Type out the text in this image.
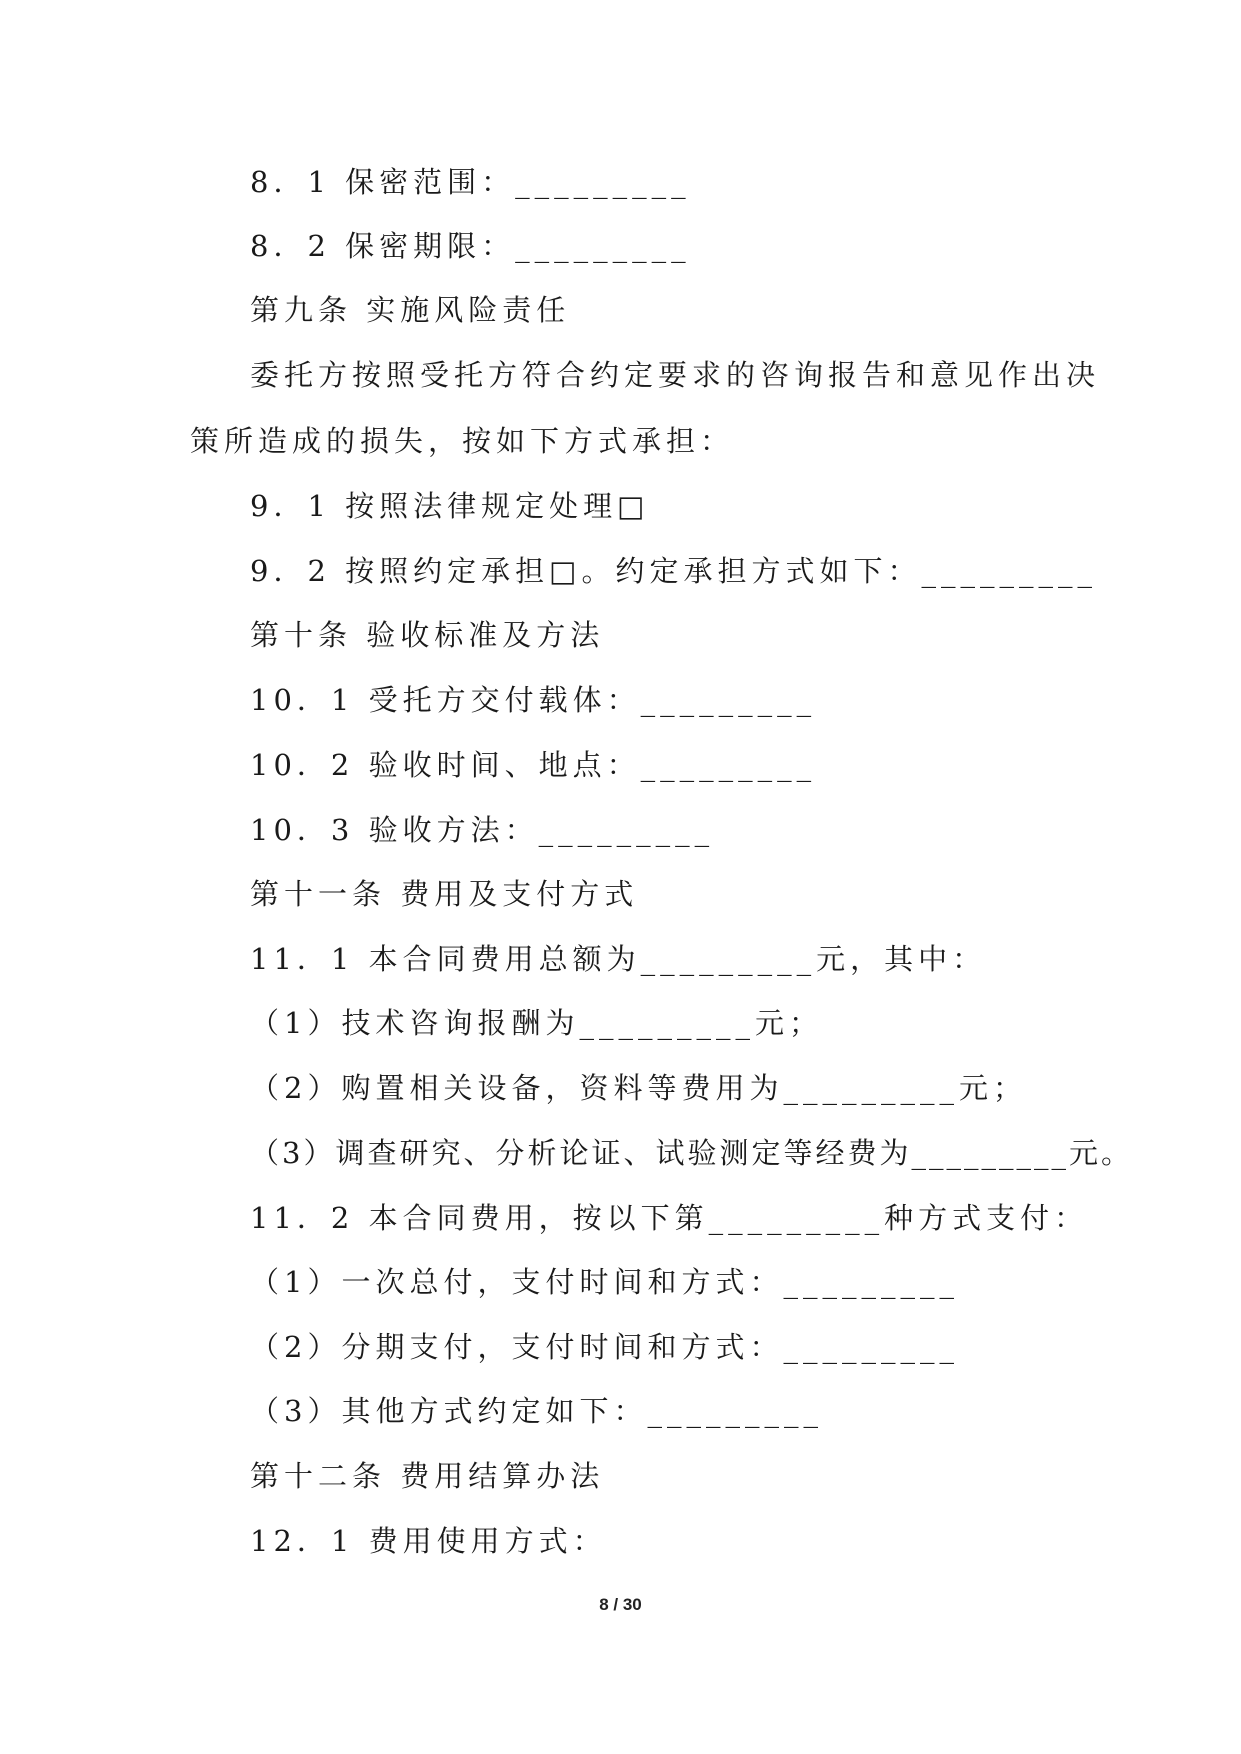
8．1 保密范围：_________
8．2 保密期限：_________
第九条 实施风险责任
委托方按照受托方符合约定要求的咨询报告和意见作出决
策所造成的损失，按如下方式承担：
9．1 按照法律规定处理□
9．2 按照约定承担□。约定承担方式如下：_________
第十条 验收标准及方法
10．1 受托方交付载体：_________
10．2 验收时间、地点：_________
10．3 验收方法：_________
第十一条 费用及支付方式
11．1 本合同费用总额为_________元，其中：
（1）技术咨询报酬为_________元；
（2）购置相关设备，资料等费用为_________元；
（3）调查研究、分析论证、试验测定等经费为_________元。
11．2 本合同费用，按以下第_________种方式支付：
（1）一次总付，支付时间和方式：_________
（2）分期支付，支付时间和方式：_________
（3）其他方式约定如下：_________
第十二条 费用结算办法
12．1 费用使用方式：
8 / 30
